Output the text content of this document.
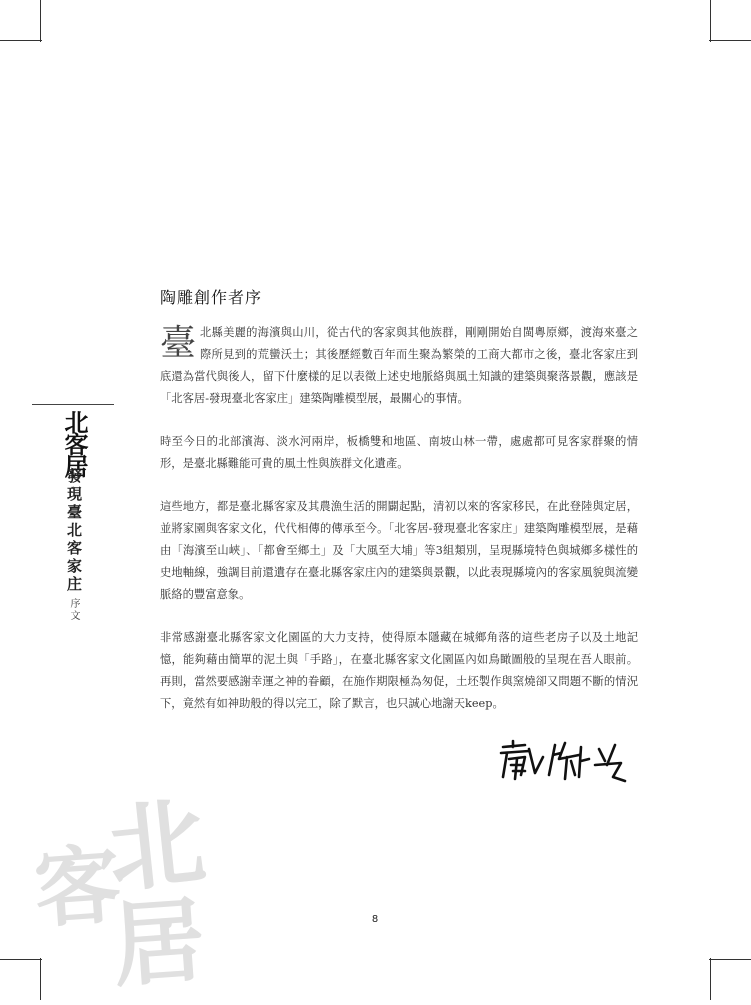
北
客
居
北客居
發現臺北客家庄
序文
陶雕創作者序

臺北縣美麗的海濱與山川，從古代的客家與其他族群，剛剛開始自閩粵原鄉，渡海來臺之際所見到的荒蠻沃土；其後歷經數百年而生聚為繁榮的工商大都市之後，臺北客家庄到底還為當代與後人，留下什麼樣的足以表徵上述史地脈絡與風土知識的建築與聚落景觀，應該是「北客居-發現臺北客家庄」建築陶雕模型展，最關心的事情。

時至今日的北部濱海、淡水河兩岸，板橋雙和地區、南坡山林一帶，處處都可見客家群聚的情形，是臺北縣難能可貴的風土性與族群文化遺產。

這些地方，都是臺北縣客家及其農漁生活的開闢起點，清初以來的客家移民，在此登陸與定居，並將家園與客家文化，代代相傳的傳承至今。「北客居-發現臺北客家庄」建築陶雕模型展，是藉由「海濱至山峽」、「都會至鄉土」及「大風至大埔」等3組類別，呈現縣境特色與城鄉多樣性的史地軸線，強調目前還遺存在臺北縣客家庄內的建築與景觀，以此表現縣境內的客家風貌與流變脈絡的豐富意象。

非常感謝臺北縣客家文化園區的大力支持，使得原本隱藏在城鄉角落的這些老房子以及土地記憶，能夠藉由簡單的泥土與「手路」，在臺北縣客家文化園區內如鳥瞰圖般的呈現在吾人眼前。再則，當然要感謝幸運之神的眷顧，在施作期限極為匆促，土坯製作與窯燒卻又問題不斷的情況下，竟然有如神助般的得以完工，除了默言，也只誠心地謝天keep。

8
